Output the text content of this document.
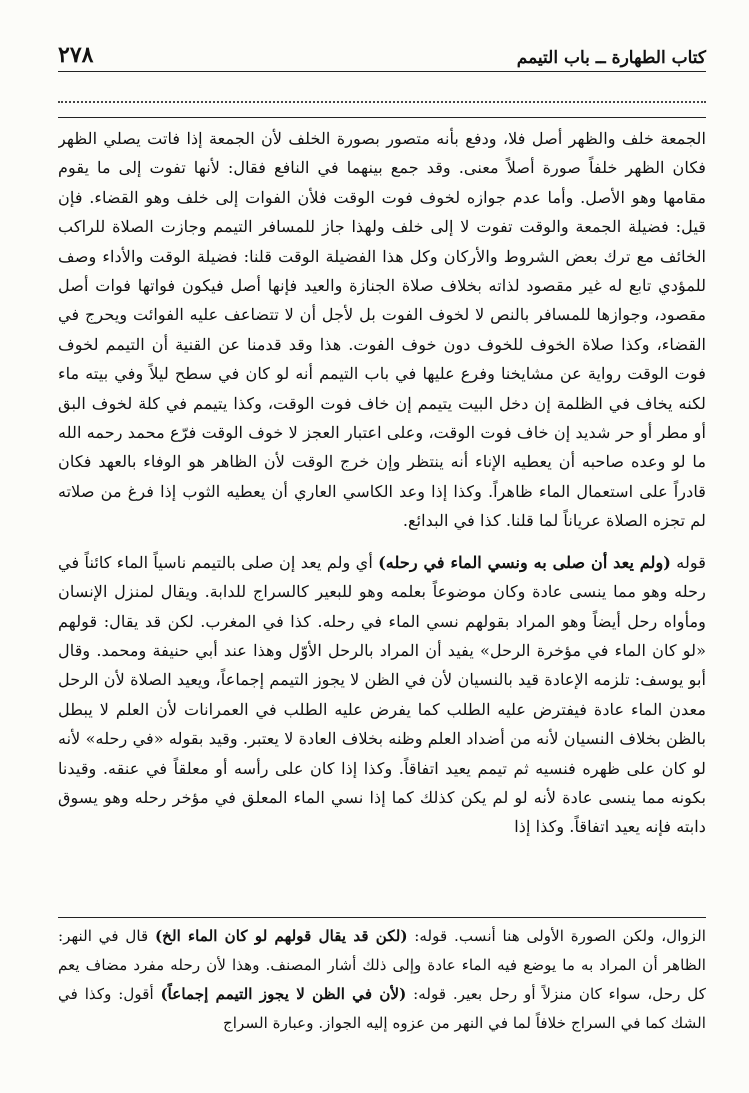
٢٧٨	كتاب الطهارة ــ باب التيمم

الجمعة خلف والظهر أصل فلا، ودفع بأنه متصور بصورة الخلف لأن الجمعة إذا فاتت يصلي الظهر فكان الظهر خلفاً صورة أصلاً معنى. وقد جمع بينهما في النافع فقال: لأنها تفوت إلى ما يقوم مقامها وهو الأصل. وأما عدم جوازه لخوف فوت الوقت فلأن الفوات إلى خلف وهو القضاء. فإن قيل: فضيلة الجمعة والوقت تفوت لا إلى خلف ولهذا جاز للمسافر التيمم وجازت الصلاة للراكب الخائف مع ترك بعض الشروط والأركان وكل هذا الفضيلة الوقت قلنا: فضيلة الوقت والأداء وصف للمؤدي تابع له غير مقصود لذاته بخلاف صلاة الجنازة والعيد فإنها أصل فيكون فواتها فوات أصل مقصود، وجوازها للمسافر بالنص لا لخوف الفوت بل لأجل أن لا تتضاعف عليه الفوائت ويحرج في القضاء، وكذا صلاة الخوف للخوف دون خوف الفوت. هذا وقد قدمنا عن القنية أن التيمم لخوف فوت الوقت رواية عن مشايخنا وفرع عليها في باب التيمم أنه لو كان في سطح ليلاً وفي بيته ماء لكنه يخاف في الظلمة إن دخل البيت يتيمم إن خاف فوت الوقت، وكذا يتيمم في كلة لخوف البق أو مطر أو حر شديد إن خاف فوت الوقت، وعلى اعتبار العجز لا خوف الوقت فرّع محمد رحمه الله ما لو وعده صاحبه أن يعطيه الإناء أنه ينتظر وإن خرج الوقت لأن الظاهر هو الوفاء بالعهد فكان قادراً على استعمال الماء ظاهراً. وكذا إذا وعد الكاسي العاري أن يعطيه الثوب إذا فرغ من صلاته لم تجزه الصلاة عرياناً لما قلنا. كذا في البدائع.

قوله (ولم يعد أن صلى به ونسي الماء في رحله) أي ولم يعد إن صلى بالتيمم ناسياً الماء كائناً في رحله وهو مما ينسى عادة وكان موضوعاً بعلمه وهو للبعير كالسراج للدابة. ويقال لمنزل الإنسان ومأواه رحل أيضاً وهو المراد بقولهم نسي الماء في رحله. كذا في المغرب. لكن قد يقال: قولهم «لو كان الماء في مؤخرة الرحل» يفيد أن المراد بالرحل الأوّل وهذا عند أبي حنيفة ومحمد. وقال أبو يوسف: تلزمه الإعادة قيد بالنسيان لأن في الظن لا يجوز التيمم إجماعاً، ويعيد الصلاة لأن الرحل معدن الماء عادة فيفترض عليه الطلب كما يفرض عليه الطلب في العمرانات لأن العلم لا يبطل بالظن بخلاف النسيان لأنه من أضداد العلم وظنه بخلاف العادة لا يعتبر. وقيد بقوله «في رحله» لأنه لو كان على ظهره فنسيه ثم تيمم يعيد اتفاقاً. وكذا إذا كان على رأسه أو معلقاً في عنقه. وقيدنا بكونه مما ينسى عادة لأنه لو لم يكن كذلك كما إذا نسي الماء المعلق في مؤخر رحله وهو يسوق دابته فإنه يعيد اتفاقاً. وكذا إذا

الزوال، ولكن الصورة الأولى هنا أنسب. قوله: (لكن قد يقال قولهم لو كان الماء الخ) قال في النهر: الظاهر أن المراد به ما يوضع فيه الماء عادة وإلى ذلك أشار المصنف. وهذا لأن رحله مفرد مضاف يعم كل رحل، سواء كان منزلاً أو رحل بعير. قوله: (لأن في الظن لا يجوز التيمم إجماعاً) أقول: وكذا في الشك كما في السراج خلافاً لما في النهر من عزوه إليه الجواز. وعبارة السراج
